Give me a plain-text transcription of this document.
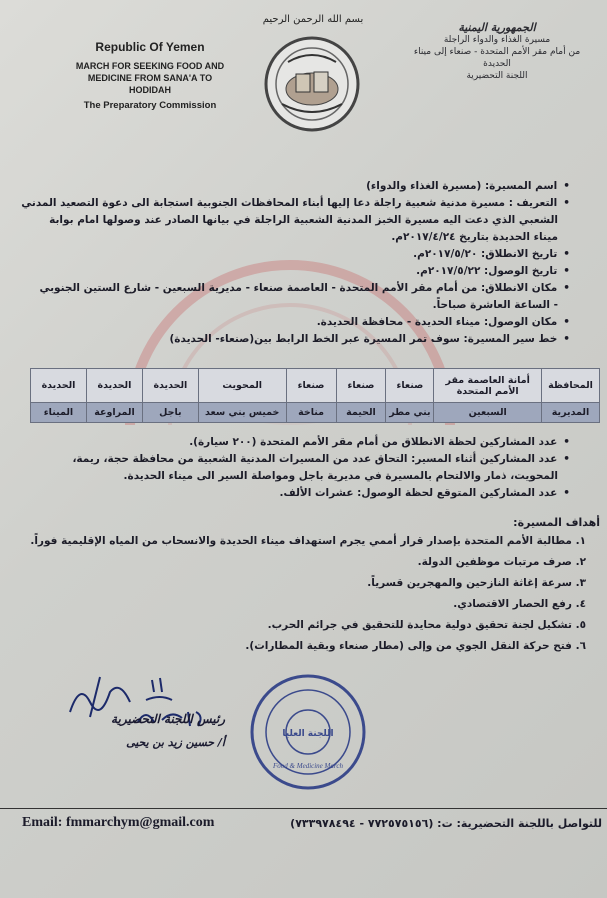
Republic Of Yemen
MARCH FOR SEEKING FOOD AND
MEDICINE FROM SANA'A TO
HODIDAH
The Preparatory Commission
بسم الله الرحمن الرحيم
الجمهورية اليمنية
مسيرة الغذاء والدواء الراجلة
من أمام مقر الأمم المتحدة - صنعاء إلى ميناء
الحديدة
اللجنة التحضيرية
• اسم المسيرة: (مسيرة الغذاء والدواء)
• التعريف : مسيرة مدنية شعبية راجلة دعا إليها أبناء المحافظات الجنوبية استجابة الى دعوة التصعيد المدني
الشعبي الذي دعت اليه مسيرة الخبز المدنية الشعبية الراجلة في بيانها الصادر عند وصولها امام بوابة
ميناء الحديدة بتاريخ ٢٠١٧/٤/٢٤م.
• تاريخ الانطلاق: ٢٠١٧/٥/٢٠م.
• تاريخ الوصول: ٢٠١٧/٥/٢٢م.
• مكان الانطلاق: من أمام مقر الأمم المتحدة - العاصمة صنعاء - مديرية السبعين - شارع الستين الجنوبي
- الساعة العاشرة صباحاً.
• مكان الوصول: ميناء الحديدة - محافظة الحديدة.
• خط سير المسيرة: سوف تمر المسيرة عبر الخط الرابط بين(صنعاء- الحديدة)
المحافظة	أمانة العاصمة مقر الأمم المتحدة	صنعاء	صنعاء	صنعاء	المحويت	الحديدة	الحديدة	الحديدة
المديرية	السبعين	بني مطر	الحيمة	مناخة	خميس بني سعد	باجل	المراوعة	الميناء
• عدد المشاركين لحظة الانطلاق من أمام مقر الأمم المتحدة (٢٠٠ سيارة).
• عدد المشاركين أثناء المسير: التحاق عدد من المسيرات المدنية الشعبية من محافظة حجة، ريمة،
المحويت، ذمار والالتحام بالمسيرة في مديرية باجل ومواصلة السير الى ميناء الحديدة.
• عدد المشاركين المتوقع لحظة الوصول: عشرات الألف.
أهداف المسيرة:
١. مطالبة الأمم المتحدة بإصدار قرار أممي يجرم استهداف ميناء الحديدة والانسحاب من المياه الإقليمية فوراً.
٢. صرف مرتبات موظفين الدولة.
٣. سرعة إغاثة النازحين والمهجرين قسرياً.
٤. رفع الحصار الاقتصادي.
٥. تشكيل لجنة تحقيق دولية محايدة للتحقيق في جرائم الحرب.
٦. فتح حركة النقل الجوي من وإلى (مطار صنعاء وبقية المطارات).
رئيس اللجنة التحضيرية
أ/ حسين زيد بن يحيى
اللجنة العليا
Food & Medicine March
Email: fmmarchym@gmail.com	للتواصل باللجنة التحضيرية: ت: (٧٧٢٥٧٥١٥٦ - ٧٣٣٩٧٨٤٩٤)
